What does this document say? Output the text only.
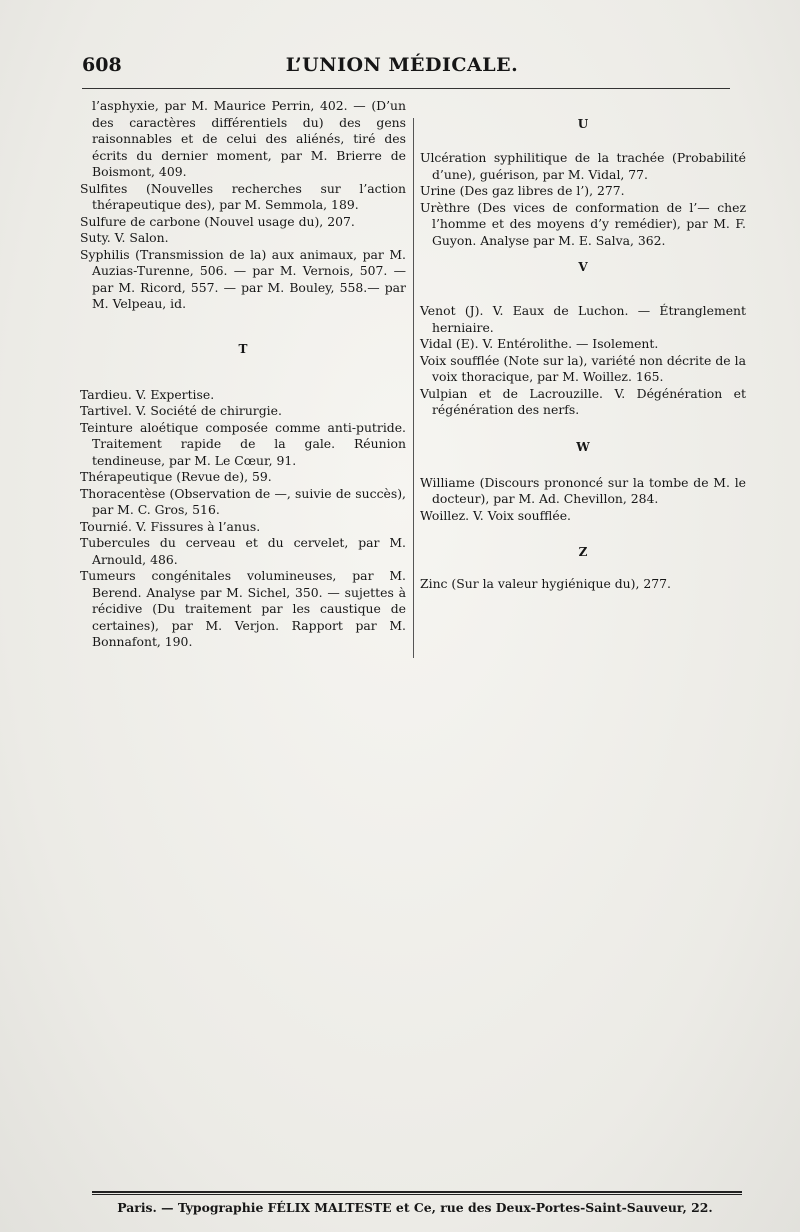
608	L’UNION MÉDICALE.

l’asphyxie, par M. Maurice Perrin, 402. — (D’un des caractères différentiels du) des gens raisonnables et de celui des aliénés, tiré des écrits du dernier moment, par M. Brierre de Boismont, 409.

Sulfites (Nouvelles recherches sur l’action thérapeutique des), par M. Semmola, 189.

Sulfure de carbone (Nouvel usage du), 207.

Suty. V. Salon.

Syphilis (Transmission de la) aux animaux, par M. Auzias-Turenne, 506. — par M. Vernois, 507. — par M. Ricord, 557. — par M. Bouley, 558.— par M. Velpeau, id.

T

Tardieu. V. Expertise.

Tartivel. V. Société de chirurgie.

Teinture aloétique composée comme anti-putride. Traitement rapide de la gale. Réunion tendineuse, par M. Le Cœur, 91.

Thérapeutique (Revue de), 59.

Thoracentèse (Observation de —, suivie de succès), par M. C. Gros, 516.

Tournié. V. Fissures à l’anus.

Tubercules du cerveau et du cervelet, par M. Arnould, 486.

Tumeurs congénitales volumineuses, par M. Berend. Analyse par M. Sichel, 350. — sujettes à récidive (Du traitement par les caustique de certaines), par M. Verjon. Rapport par M. Bonnafont, 190.

U

Ulcération syphilitique de la trachée (Probabilité d’une), guérison, par M. Vidal, 77.

Urine (Des gaz libres de l’), 277.

Urèthre (Des vices de conformation de l’— chez l’homme et des moyens d’y remédier), par M. F. Guyon. Analyse par M. E. Salva, 362.

V

Venot (J). V. Eaux de Luchon. — Étranglement herniaire.

Vidal (E). V. Entérolithe. — Isolement.

Voix soufflée (Note sur la), variété non décrite de la voix thoracique, par M. Woillez. 165.

Vulpian et de Lacrouzille. V. Dégénération et régénération des nerfs.

W

Williame (Discours prononcé sur la tombe de M. le docteur), par M. Ad. Chevillon, 284.

Woillez. V. Voix soufflée.

Z

Zinc (Sur la valeur hygiénique du), 277.

Paris. — Typographie FÉLIX MALTESTE et Ce, rue des Deux-Portes-Saint-Sauveur, 22.
